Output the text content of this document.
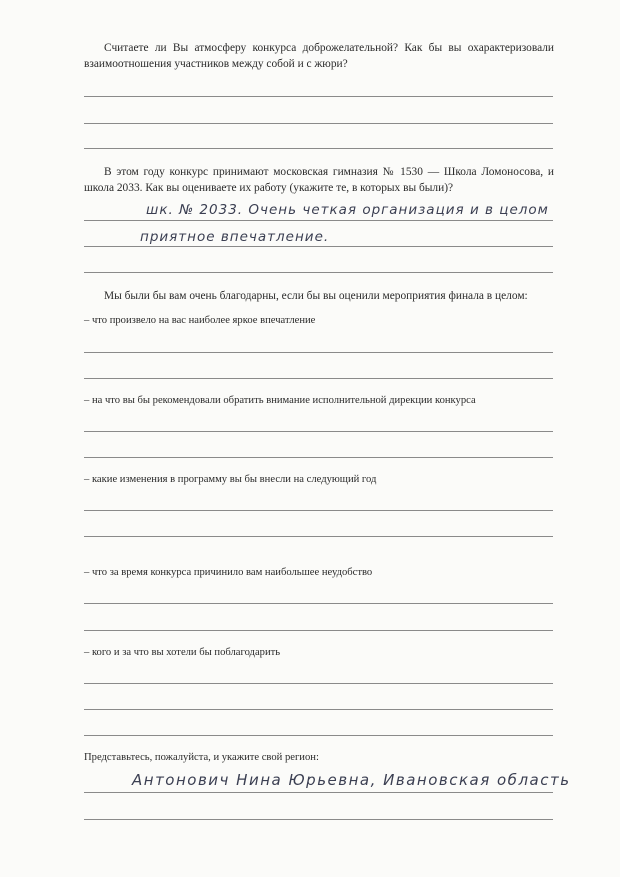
Считаете ли Вы атмосферу конкурса доброжелательной? Как бы вы охарактеризовали взаимоотношения участников между собой и с жюри?
В этом году конкурс принимают московская гимназия № 1530 — Школа Ломоносова, и школа 2033. Как вы оцениваете их работу (укажите те, в которых вы были)?
шк. № 2033. Очень четкая организация и в целом
приятное впечатление.
Мы были бы вам очень благодарны, если бы вы оценили мероприятия финала в целом:
– что произвело на вас наиболее яркое впечатление
– на что вы бы рекомендовали обратить внимание исполнительной дирекции конкурса
– какие изменения в программу вы бы внесли на следующий год
– что за время конкурса причинило вам наибольшее неудобство
– кого и за что вы хотели бы поблагодарить
Представьтесь, пожалуйста, и укажите свой регион:
Антонович Нина Юрьевна, Ивановская область
